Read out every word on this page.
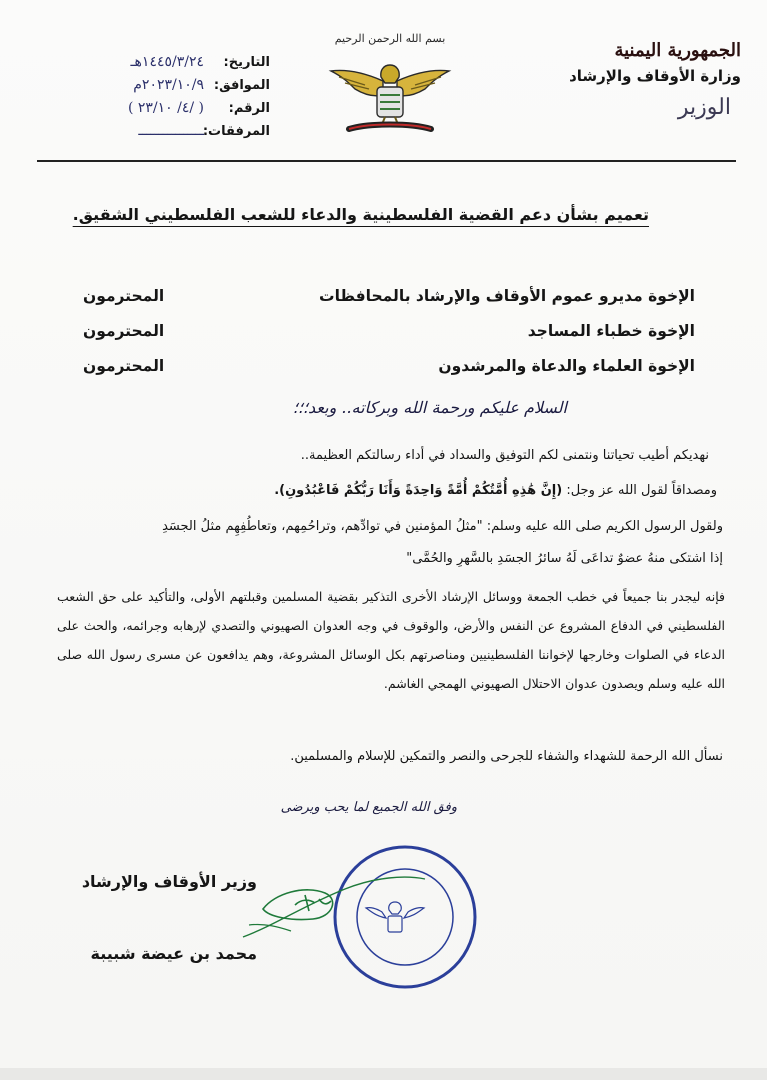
الجمهورية اليمنية
وزارة الأوقاف والإرشاد
الوزير
بسم الله الرحمن الرحيم
التاريخ:
١٤٤٥/٣/٢٤هـ
الموافق:
٢٠٢٣/١٠/٩م
الرقم:
( ٤/ ٢٣/١٠/ )
المرفقات:
ــــــــــــــــ
تعميم بشأن دعم القضية الفلسطينية والدعاء للشعب الفلسطيني الشقيق.
الإخوة مديرو عموم الأوقاف والإرشاد بالمحافظات
المحترمون
الإخوة خطباء المساجد
المحترمون
الإخوة العلماء والدعاة والمرشدون
المحترمون
السلام عليكم ورحمة الله وبركاته.. وبعد؛؛؛
نهديكم أطيب تحياتنا ونتمنى لكم التوفيق والسداد في أداء رسالتكم العظيمة..
ومصداقاً لقول الله عز وجل: (إِنَّ هَٰذِهِ أُمَّتُكُمْ أُمَّةً وَاحِدَةً وَأَنَا رَبُّكُمْ فَاعْبُدُونِ).
ولقول الرسول الكريم صلى الله عليه وسلم: "مثلُ المؤمنين في توادِّهم، وتراحُمِهم، وتعاطُفِهِم مثلُ الجسَدِ
إذا اشتكى منهُ عضوٌ تداعَى لَهُ سائرُ الجسَدِ بالسَّهرِ والحُمَّى"
فإنه ليجدر بنا جميعاً في خطب الجمعة ووسائل الإرشاد الأخرى التذكير بقضية المسلمين وقبلتهم الأولى، والتأكيد على حق الشعب الفلسطيني في الدفاع المشروع عن النفس والأرض، والوقوف في وجه العدوان الصهيوني والتصدي لإرهابه وجرائمه، والحث على الدعاء في الصلوات وخارجها لإخواننا الفلسطينيين ومناصرتهم بكل الوسائل المشروعة، وهم يدافعون عن مسرى رسول الله صلى الله عليه وسلم ويصدون عدوان الاحتلال الصهيوني الهمجي الغاشم.
نسأل الله الرحمة للشهداء والشفاء للجرحى والنصر والتمكين للإسلام والمسلمين.
وفق الله الجميع لما يحب ويرضى
وزير الأوقاف والإرشاد
محمد بن عيضة شبيبة
